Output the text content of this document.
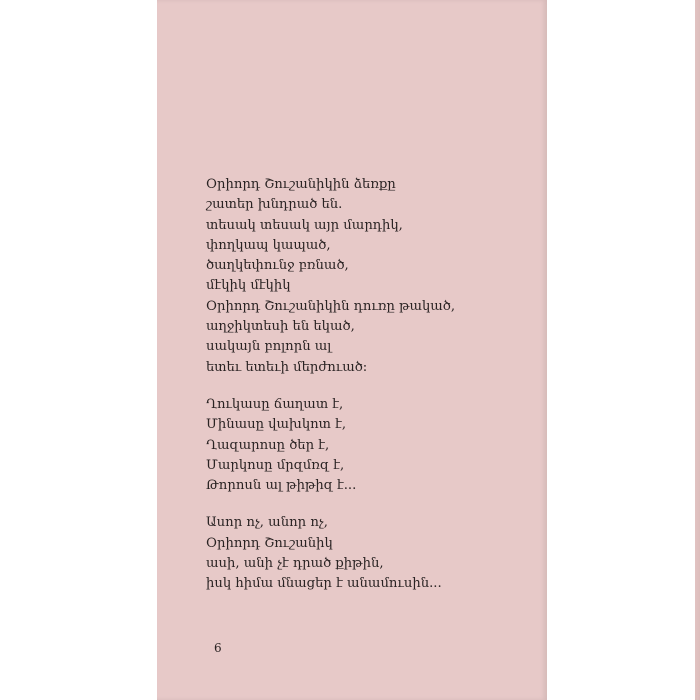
Օրիորդ Շուշանիկին ձեռքը
շատեր խնդրած են.
տեսակ տեսակ այր մարդիկ,
փողկապ կապած,
ծաղկեփունջ բռնած,
մէկիկ մէկիկ
Օրիորդ Շուշանիկին դուռը թակած,
աղջիկտեսի են եկած,
սակայն բոլորն ալ
ետեւ ետեւի մերժուած:
Ղուկասը ճաղատ է,
Մինասը վախկոտ է,
Ղազարոսը ծեր է,
Մարկոսը մրզմռզ է,
Թորոսն ալ թիթիզ է...
Ասոր ոչ, անոր ոչ,
Օրիորդ Շուշանիկ
ասի, անի չէ դրած քիթին,
իսկ հիմա մնացեր է անամուսին...
6
